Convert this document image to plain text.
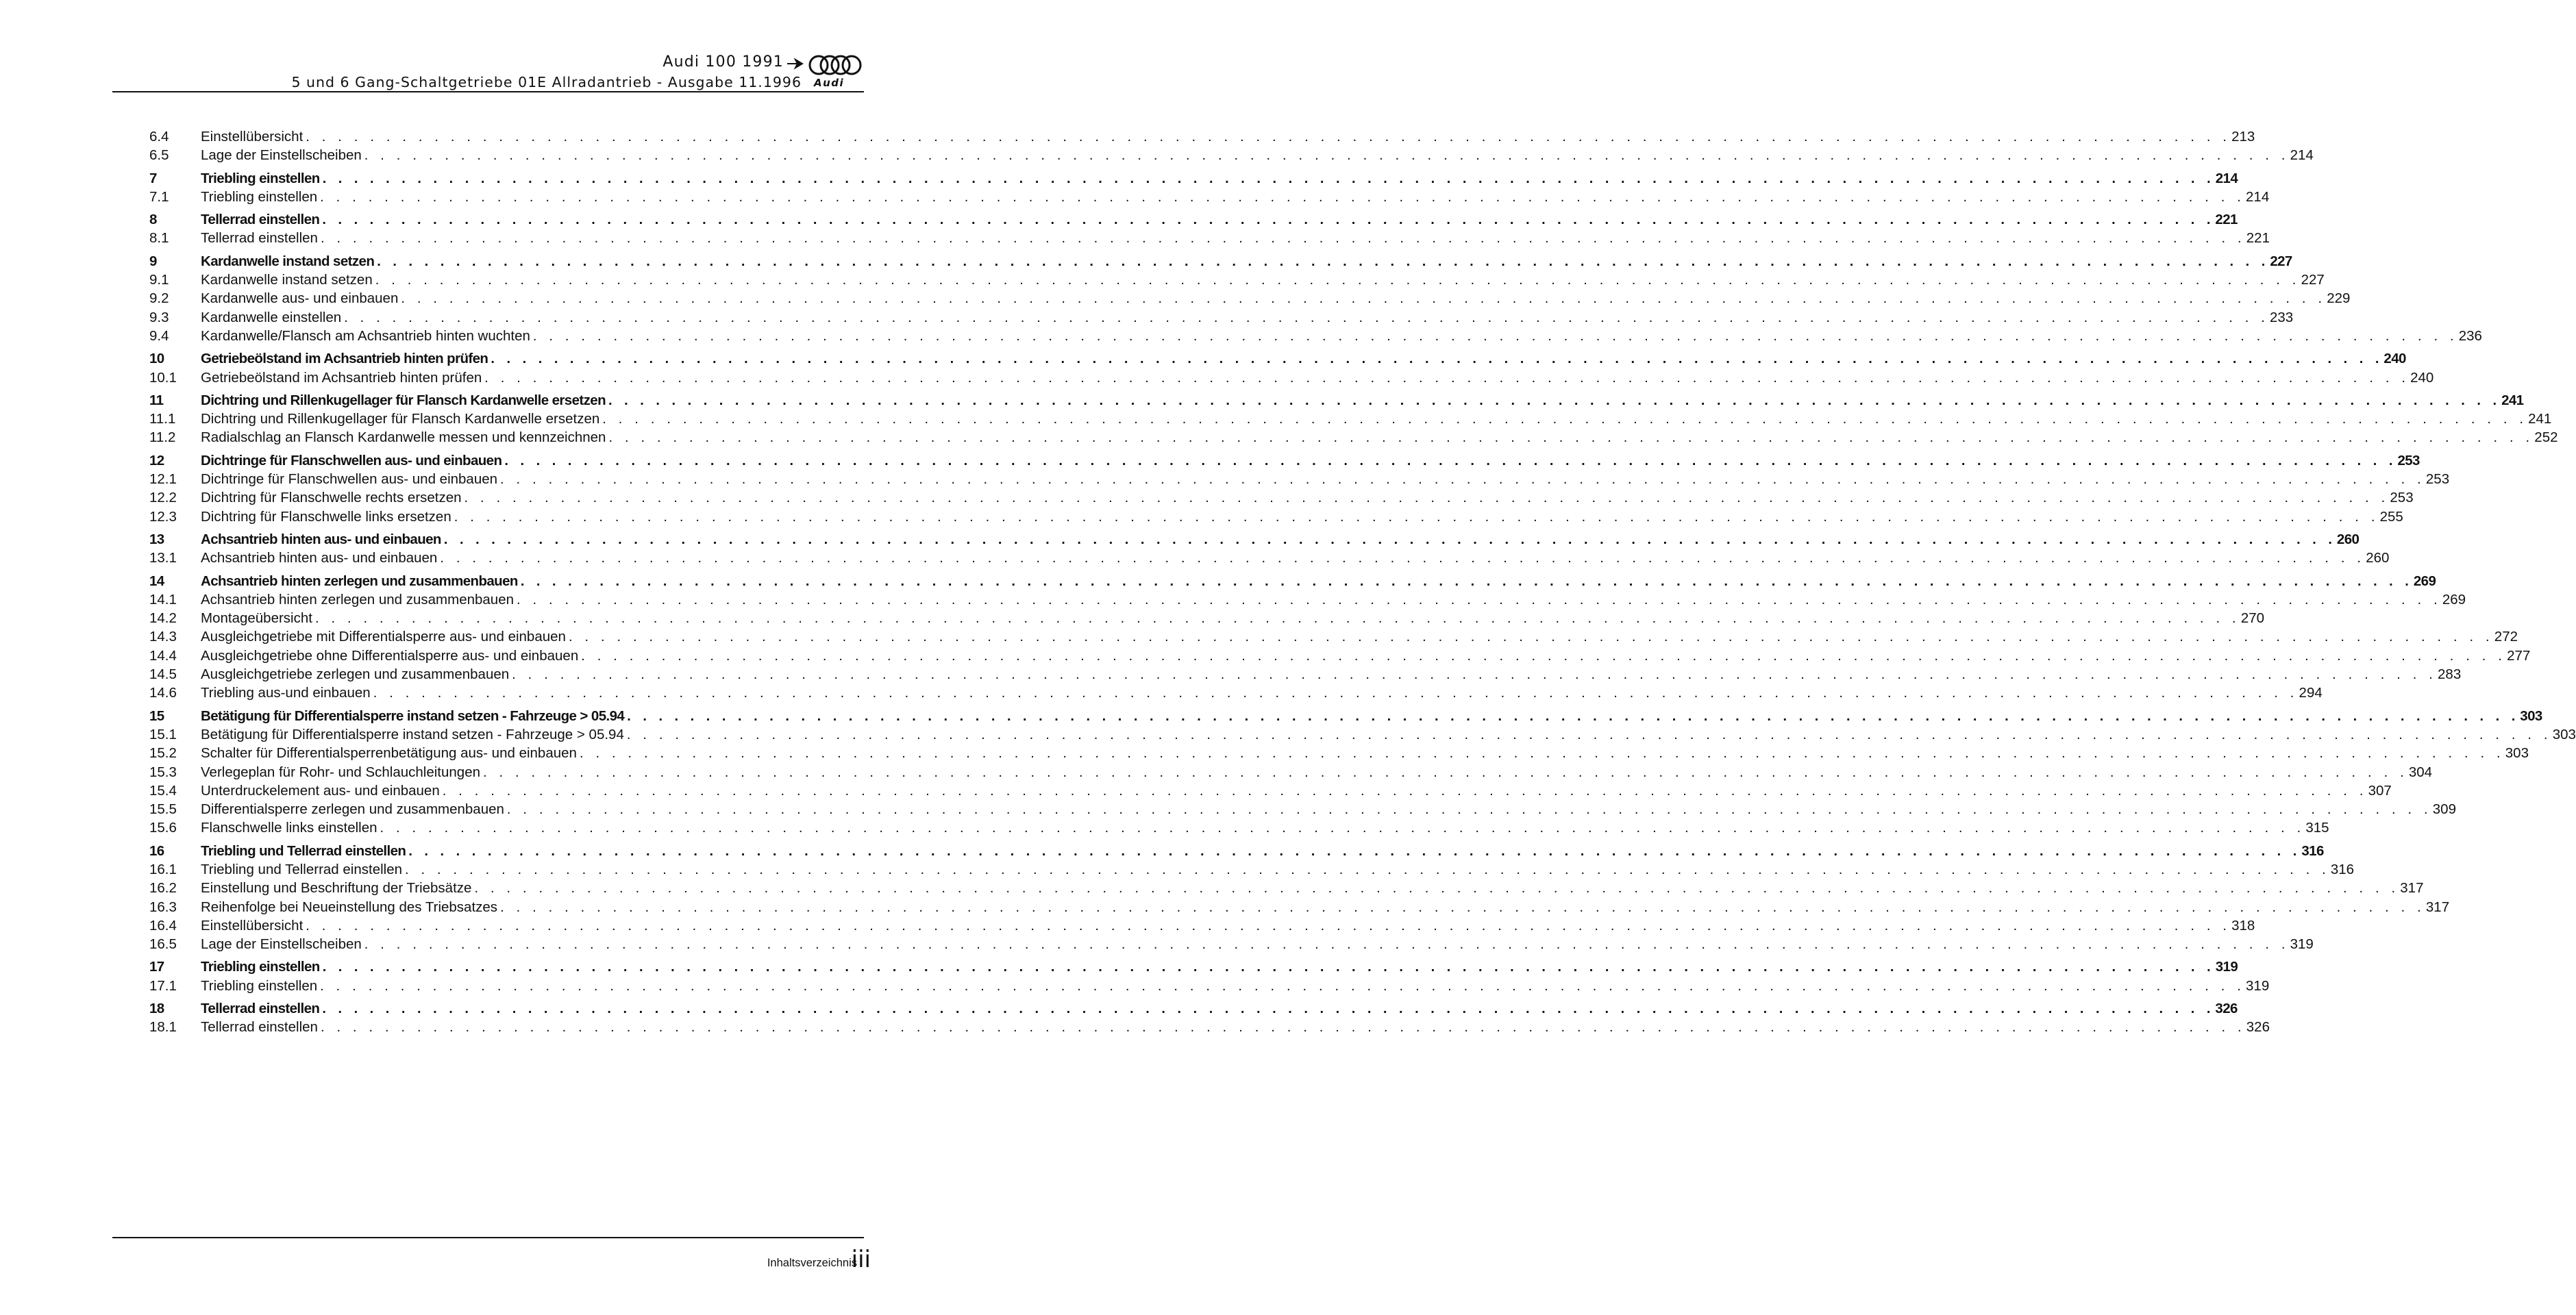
Audi 100 1991
Audi
5 und 6 Gang-Schaltgetriebe 01E Allradantrieb - Ausgabe 11.1996
6.4	Einstellübersicht . . . . . . . . . . . . . . . . . . . . . . . . . . . . . . . . . . . . . . . . . . . . . . . . . . . . . . . . . . . . . . . . . . . . . . . . . . . . . . . . . . . . . . . . . . . . . . . . . . . . . . . . . . . . . . . . . . . . . . . . 213
6.5	Lage der Einstellscheiben . . . . . . . . . . . . . . . . . . . . . . . . . . . . . . . . . . . . . . . . . . . . . . . . . . . . . . . . . . . . . . . . . . . . . . . . . . . . . . . . . . . . . . . . . . . . . . . . . . . . . . . . . . . . . . . . . . . . . . . . 214
7	Triebling einstellen . . . . . . . . . . . . . . . . . . . . . . . . . . . . . . . . . . . . . . . . . . . . . . . . . . . . . . . . . . . . . . . . . . . . . . . . . . . . . . . . . . . . . . . . . . . . . . . . . . . . . . . . . . . . . . . . . . . . . . . . 214
7.1	Triebling einstellen . . . . . . . . . . . . . . . . . . . . . . . . . . . . . . . . . . . . . . . . . . . . . . . . . . . . . . . . . . . . . . . . . . . . . . . . . . . . . . . . . . . . . . . . . . . . . . . . . . . . . . . . . . . . . . . . . . . . . . . . 214
8	Tellerrad einstellen . . . . . . . . . . . . . . . . . . . . . . . . . . . . . . . . . . . . . . . . . . . . . . . . . . . . . . . . . . . . . . . . . . . . . . . . . . . . . . . . . . . . . . . . . . . . . . . . . . . . . . . . . . . . . . . . . . . . . . . . 221
8.1	Tellerrad einstellen . . . . . . . . . . . . . . . . . . . . . . . . . . . . . . . . . . . . . . . . . . . . . . . . . . . . . . . . . . . . . . . . . . . . . . . . . . . . . . . . . . . . . . . . . . . . . . . . . . . . . . . . . . . . . . . . . . . . . . . . 221
9	Kardanwelle instand setzen . . . . . . . . . . . . . . . . . . . . . . . . . . . . . . . . . . . . . . . . . . . . . . . . . . . . . . . . . . . . . . . . . . . . . . . . . . . . . . . . . . . . . . . . . . . . . . . . . . . . . . . . . . . . . . . . . . . . . . . . 227
9.1	Kardanwelle instand setzen . . . . . . . . . . . . . . . . . . . . . . . . . . . . . . . . . . . . . . . . . . . . . . . . . . . . . . . . . . . . . . . . . . . . . . . . . . . . . . . . . . . . . . . . . . . . . . . . . . . . . . . . . . . . . . . . . . . . . . . . 227
9.2	Kardanwelle aus- und einbauen . . . . . . . . . . . . . . . . . . . . . . . . . . . . . . . . . . . . . . . . . . . . . . . . . . . . . . . . . . . . . . . . . . . . . . . . . . . . . . . . . . . . . . . . . . . . . . . . . . . . . . . . . . . . . . . . . . . . . . . . 229
9.3	Kardanwelle einstellen . . . . . . . . . . . . . . . . . . . . . . . . . . . . . . . . . . . . . . . . . . . . . . . . . . . . . . . . . . . . . . . . . . . . . . . . . . . . . . . . . . . . . . . . . . . . . . . . . . . . . . . . . . . . . . . . . . . . . . . . 233
9.4	Kardanwelle/Flansch am Achsantrieb hinten wuchten . . . . . . . . . . . . . . . . . . . . . . . . . . . . . . . . . . . . . . . . . . . . . . . . . . . . . . . . . . . . . . . . . . . . . . . . . . . . . . . . . . . . . . . . . . . . . . . . . . . . . . . . . . . . . . . . . . . . . . . . 236
10	Getriebeölstand im Achsantrieb hinten prüfen . . . . . . . . . . . . . . . . . . . . . . . . . . . . . . . . . . . . . . . . . . . . . . . . . . . . . . . . . . . . . . . . . . . . . . . . . . . . . . . . . . . . . . . . . . . . . . . . . . . . . . . . . . . . . . . . . . . . . . . . 240
10.1	Getriebeölstand im Achsantrieb hinten prüfen . . . . . . . . . . . . . . . . . . . . . . . . . . . . . . . . . . . . . . . . . . . . . . . . . . . . . . . . . . . . . . . . . . . . . . . . . . . . . . . . . . . . . . . . . . . . . . . . . . . . . . . . . . . . . . . . . . . . . . . . 240
11	Dichtring und Rillenkugellager für Flansch Kardanwelle ersetzen . . . . . . . . . . . . . . . . . . . . . . . . . . . . . . . . . . . . . . . . . . . . . . . . . . . . . . . . . . . . . . . . . . . . . . . . . . . . . . . . . . . . . . . . . . . . . . . . . . . . . . . . . . . . . . . . . . . . . . . . 241
11.1	Dichtring und Rillenkugellager für Flansch Kardanwelle ersetzen . . . . . . . . . . . . . . . . . . . . . . . . . . . . . . . . . . . . . . . . . . . . . . . . . . . . . . . . . . . . . . . . . . . . . . . . . . . . . . . . . . . . . . . . . . . . . . . . . . . . . . . . . . . . . . . . . . . . . . . . 241
11.2	Radialschlag an Flansch Kardanwelle messen und kennzeichnen . . . . . . . . . . . . . . . . . . . . . . . . . . . . . . . . . . . . . . . . . . . . . . . . . . . . . . . . . . . . . . . . . . . . . . . . . . . . . . . . . . . . . . . . . . . . . . . . . . . . . . . . . . . . . . . . . . . . . . . . 252
12	Dichtringe für Flanschwellen aus- und einbauen . . . . . . . . . . . . . . . . . . . . . . . . . . . . . . . . . . . . . . . . . . . . . . . . . . . . . . . . . . . . . . . . . . . . . . . . . . . . . . . . . . . . . . . . . . . . . . . . . . . . . . . . . . . . . . . . . . . . . . . . 253
12.1	Dichtringe für Flanschwellen aus- und einbauen . . . . . . . . . . . . . . . . . . . . . . . . . . . . . . . . . . . . . . . . . . . . . . . . . . . . . . . . . . . . . . . . . . . . . . . . . . . . . . . . . . . . . . . . . . . . . . . . . . . . . . . . . . . . . . . . . . . . . . . . 253
12.2	Dichtring für Flanschwelle rechts ersetzen . . . . . . . . . . . . . . . . . . . . . . . . . . . . . . . . . . . . . . . . . . . . . . . . . . . . . . . . . . . . . . . . . . . . . . . . . . . . . . . . . . . . . . . . . . . . . . . . . . . . . . . . . . . . . . . . . . . . . . . . 253
12.3	Dichtring für Flanschwelle links ersetzen . . . . . . . . . . . . . . . . . . . . . . . . . . . . . . . . . . . . . . . . . . . . . . . . . . . . . . . . . . . . . . . . . . . . . . . . . . . . . . . . . . . . . . . . . . . . . . . . . . . . . . . . . . . . . . . . . . . . . . . . 255
13	Achsantrieb hinten aus- und einbauen . . . . . . . . . . . . . . . . . . . . . . . . . . . . . . . . . . . . . . . . . . . . . . . . . . . . . . . . . . . . . . . . . . . . . . . . . . . . . . . . . . . . . . . . . . . . . . . . . . . . . . . . . . . . . . . . . . . . . . . . 260
13.1	Achsantrieb hinten aus- und einbauen . . . . . . . . . . . . . . . . . . . . . . . . . . . . . . . . . . . . . . . . . . . . . . . . . . . . . . . . . . . . . . . . . . . . . . . . . . . . . . . . . . . . . . . . . . . . . . . . . . . . . . . . . . . . . . . . . . . . . . . . 260
14	Achsantrieb hinten zerlegen und zusammenbauen . . . . . . . . . . . . . . . . . . . . . . . . . . . . . . . . . . . . . . . . . . . . . . . . . . . . . . . . . . . . . . . . . . . . . . . . . . . . . . . . . . . . . . . . . . . . . . . . . . . . . . . . . . . . . . . . . . . . . . . . 269
14.1	Achsantrieb hinten zerlegen und zusammenbauen . . . . . . . . . . . . . . . . . . . . . . . . . . . . . . . . . . . . . . . . . . . . . . . . . . . . . . . . . . . . . . . . . . . . . . . . . . . . . . . . . . . . . . . . . . . . . . . . . . . . . . . . . . . . . . . . . . . . . . . . 269
14.2	Montageübersicht . . . . . . . . . . . . . . . . . . . . . . . . . . . . . . . . . . . . . . . . . . . . . . . . . . . . . . . . . . . . . . . . . . . . . . . . . . . . . . . . . . . . . . . . . . . . . . . . . . . . . . . . . . . . . . . . . . . . . . . . 270
14.3	Ausgleichgetriebe mit Differentialsperre aus- und einbauen . . . . . . . . . . . . . . . . . . . . . . . . . . . . . . . . . . . . . . . . . . . . . . . . . . . . . . . . . . . . . . . . . . . . . . . . . . . . . . . . . . . . . . . . . . . . . . . . . . . . . . . . . . . . . . . . . . . . . . . . 272
14.4	Ausgleichgetriebe ohne Differentialsperre aus- und einbauen . . . . . . . . . . . . . . . . . . . . . . . . . . . . . . . . . . . . . . . . . . . . . . . . . . . . . . . . . . . . . . . . . . . . . . . . . . . . . . . . . . . . . . . . . . . . . . . . . . . . . . . . . . . . . . . . . . . . . . . . 277
14.5	Ausgleichgetriebe zerlegen und zusammenbauen . . . . . . . . . . . . . . . . . . . . . . . . . . . . . . . . . . . . . . . . . . . . . . . . . . . . . . . . . . . . . . . . . . . . . . . . . . . . . . . . . . . . . . . . . . . . . . . . . . . . . . . . . . . . . . . . . . . . . . . . 283
14.6	Triebling aus-und einbauen . . . . . . . . . . . . . . . . . . . . . . . . . . . . . . . . . . . . . . . . . . . . . . . . . . . . . . . . . . . . . . . . . . . . . . . . . . . . . . . . . . . . . . . . . . . . . . . . . . . . . . . . . . . . . . . . . . . . . . . . 294
15	Betätigung für Differentialsperre instand setzen - Fahrzeuge > 05.94 . . . . . . . . . . . . . . . . . . . . . . . . . . . . . . . . . . . . . . . . . . . . . . . . . . . . . . . . . . . . . . . . . . . . . . . . . . . . . . . . . . . . . . . . . . . . . . . . . . . . . . . . . . . . . . . . . . . . . . . . 303
15.1	Betätigung für Differentialsperre instand setzen - Fahrzeuge > 05.94 . . . . . . . . . . . . . . . . . . . . . . . . . . . . . . . . . . . . . . . . . . . . . . . . . . . . . . . . . . . . . . . . . . . . . . . . . . . . . . . . . . . . . . . . . . . . . . . . . . . . . . . . . . . . . . . . . . . . . . . . 303
15.2	Schalter für Differentialsperrenbetätigung aus- und einbauen . . . . . . . . . . . . . . . . . . . . . . . . . . . . . . . . . . . . . . . . . . . . . . . . . . . . . . . . . . . . . . . . . . . . . . . . . . . . . . . . . . . . . . . . . . . . . . . . . . . . . . . . . . . . . . . . . . . . . . . . 303
15.3	Verlegeplan für Rohr- und Schlauchleitungen . . . . . . . . . . . . . . . . . . . . . . . . . . . . . . . . . . . . . . . . . . . . . . . . . . . . . . . . . . . . . . . . . . . . . . . . . . . . . . . . . . . . . . . . . . . . . . . . . . . . . . . . . . . . . . . . . . . . . . . . 304
15.4	Unterdruckelement aus- und einbauen . . . . . . . . . . . . . . . . . . . . . . . . . . . . . . . . . . . . . . . . . . . . . . . . . . . . . . . . . . . . . . . . . . . . . . . . . . . . . . . . . . . . . . . . . . . . . . . . . . . . . . . . . . . . . . . . . . . . . . . . 307
15.5	Differentialsperre zerlegen und zusammenbauen . . . . . . . . . . . . . . . . . . . . . . . . . . . . . . . . . . . . . . . . . . . . . . . . . . . . . . . . . . . . . . . . . . . . . . . . . . . . . . . . . . . . . . . . . . . . . . . . . . . . . . . . . . . . . . . . . . . . . . . . 309
15.6	Flanschwelle links einstellen . . . . . . . . . . . . . . . . . . . . . . . . . . . . . . . . . . . . . . . . . . . . . . . . . . . . . . . . . . . . . . . . . . . . . . . . . . . . . . . . . . . . . . . . . . . . . . . . . . . . . . . . . . . . . . . . . . . . . . . . 315
16	Triebling und Tellerrad einstellen . . . . . . . . . . . . . . . . . . . . . . . . . . . . . . . . . . . . . . . . . . . . . . . . . . . . . . . . . . . . . . . . . . . . . . . . . . . . . . . . . . . . . . . . . . . . . . . . . . . . . . . . . . . . . . . . . . . . . . . . 316
16.1	Triebling und Tellerrad einstellen . . . . . . . . . . . . . . . . . . . . . . . . . . . . . . . . . . . . . . . . . . . . . . . . . . . . . . . . . . . . . . . . . . . . . . . . . . . . . . . . . . . . . . . . . . . . . . . . . . . . . . . . . . . . . . . . . . . . . . . . 316
16.2	Einstellung und Beschriftung der Triebsätze . . . . . . . . . . . . . . . . . . . . . . . . . . . . . . . . . . . . . . . . . . . . . . . . . . . . . . . . . . . . . . . . . . . . . . . . . . . . . . . . . . . . . . . . . . . . . . . . . . . . . . . . . . . . . . . . . . . . . . . . 317
16.3	Reihenfolge bei Neueinstellung des Triebsatzes . . . . . . . . . . . . . . . . . . . . . . . . . . . . . . . . . . . . . . . . . . . . . . . . . . . . . . . . . . . . . . . . . . . . . . . . . . . . . . . . . . . . . . . . . . . . . . . . . . . . . . . . . . . . . . . . . . . . . . . . 317
16.4	Einstellübersicht . . . . . . . . . . . . . . . . . . . . . . . . . . . . . . . . . . . . . . . . . . . . . . . . . . . . . . . . . . . . . . . . . . . . . . . . . . . . . . . . . . . . . . . . . . . . . . . . . . . . . . . . . . . . . . . . . . . . . . . . 318
16.5	Lage der Einstellscheiben . . . . . . . . . . . . . . . . . . . . . . . . . . . . . . . . . . . . . . . . . . . . . . . . . . . . . . . . . . . . . . . . . . . . . . . . . . . . . . . . . . . . . . . . . . . . . . . . . . . . . . . . . . . . . . . . . . . . . . . . 319
17	Triebling einstellen . . . . . . . . . . . . . . . . . . . . . . . . . . . . . . . . . . . . . . . . . . . . . . . . . . . . . . . . . . . . . . . . . . . . . . . . . . . . . . . . . . . . . . . . . . . . . . . . . . . . . . . . . . . . . . . . . . . . . . . . 319
17.1	Triebling einstellen . . . . . . . . . . . . . . . . . . . . . . . . . . . . . . . . . . . . . . . . . . . . . . . . . . . . . . . . . . . . . . . . . . . . . . . . . . . . . . . . . . . . . . . . . . . . . . . . . . . . . . . . . . . . . . . . . . . . . . . . 319
18	Tellerrad einstellen . . . . . . . . . . . . . . . . . . . . . . . . . . . . . . . . . . . . . . . . . . . . . . . . . . . . . . . . . . . . . . . . . . . . . . . . . . . . . . . . . . . . . . . . . . . . . . . . . . . . . . . . . . . . . . . . . . . . . . . . 326
18.1	Tellerrad einstellen . . . . . . . . . . . . . . . . . . . . . . . . . . . . . . . . . . . . . . . . . . . . . . . . . . . . . . . . . . . . . . . . . . . . . . . . . . . . . . . . . . . . . . . . . . . . . . . . . . . . . . . . . . . . . . . . . . . . . . . . 326
Inhaltsverzeichnis
iii
